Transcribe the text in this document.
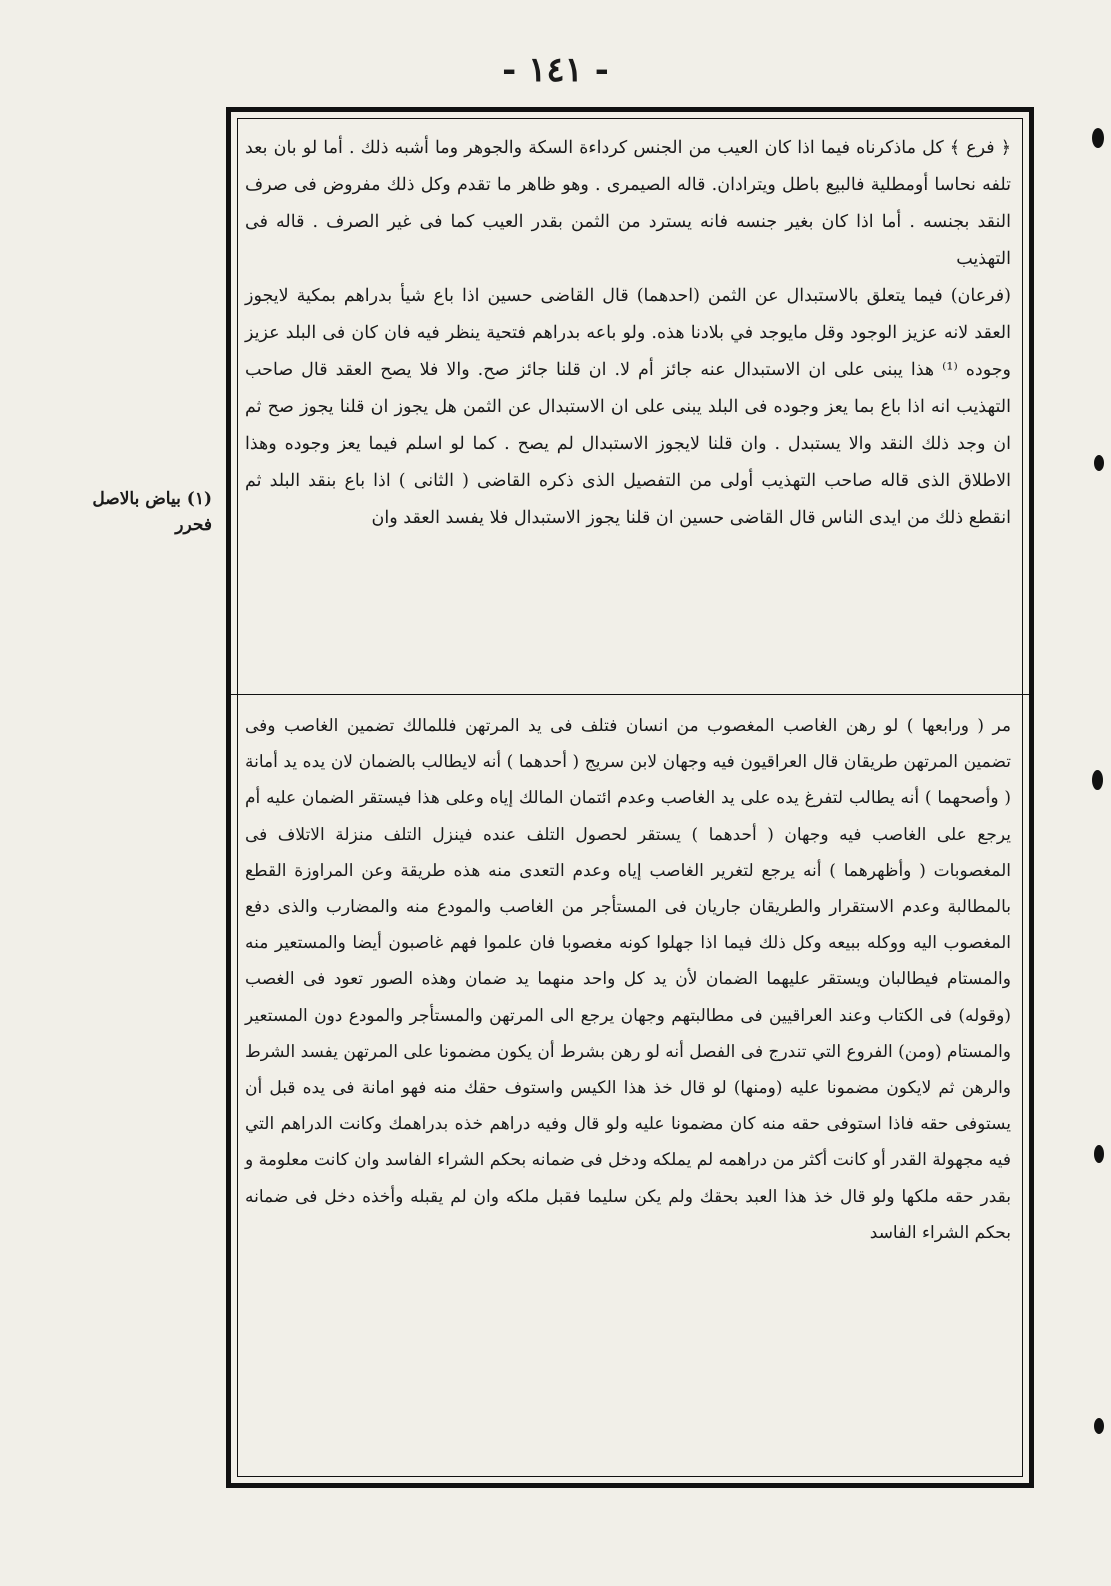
- ١٤١ -
(١) بياض بالاصل فحرر

﴿ فرع ﴾ كل ماذكرناه فيما اذا كان العيب من الجنس كرداءة السكة والجوهر وما أشبه ذلك . أما لو بان بعد تلفه نحاسا أومطلية فالبيع باطل ويترادان. قاله الصيمرى . وهو ظاهر ما تقدم وكل ذلك مفروض فى صرف النقد بجنسه . أما اذا كان بغير جنسه فانه يسترد من الثمن بقدر العيب كما فى غير الصرف . قاله فى التهذيب

(فرعان) فيما يتعلق بالاستبدال عن الثمن (احدهما) قال القاضى حسين اذا باع شيأ بدراهم بمكية لايجوز العقد لانه عزيز الوجود وقل مايوجد في بلادنا هذه. ولو باعه بدراهم فتحية ينظر فيه فان كان فى البلد عزيز وجوده ⁽¹⁾ هذا يبنى على ان الاستبدال عنه جائز أم لا. ان قلنا جائز صح. والا فلا يصح العقد قال صاحب التهذيب انه اذا باع بما يعز وجوده فى البلد يبنى على ان الاستبدال عن الثمن هل يجوز ان قلنا يجوز صح ثم ان وجد ذلك النقد والا يستبدل . وان قلنا لايجوز الاستبدال لم يصح . كما لو اسلم فيما يعز وجوده وهذا الاطلاق الذى قاله صاحب التهذيب أولى من التفصيل الذى ذكره القاضى ( الثانى ) اذا باع بنقد البلد ثم انقطع ذلك من ايدى الناس قال القاضى حسين ان قلنا يجوز الاستبدال فلا يفسد العقد وان

مر ( ورابعها ) لو رهن الغاصب المغصوب من انسان فتلف فى يد المرتهن فللمالك تضمين الغاصب وفى تضمين المرتهن طريقان قال العراقيون فيه وجهان لابن سريج ( أحدهما ) أنه لايطالب بالضمان لان يده يد أمانة ( وأصحهما ) أنه يطالب لتفرغ يده على يد الغاصب وعدم ائتمان المالك إياه وعلى هذا فيستقر الضمان عليه أم يرجع على الغاصب فيه وجهان ( أحدهما ) يستقر لحصول التلف عنده فينزل التلف منزلة الاتلاف فى المغصوبات ( وأظهرهما ) أنه يرجع لتغرير الغاصب إياه وعدم التعدى منه هذه طريقة وعن المراوزة القطع بالمطالبة وعدم الاستقرار والطريقان جاريان فى المستأجر من الغاصب والمودع منه والمضارب والذى دفع المغصوب اليه ووكله ببيعه وكل ذلك فيما اذا جهلوا كونه مغصوبا فان علموا فهم غاصبون أيضا والمستعير منه والمستام فيطالبان ويستقر عليهما الضمان لأن يد كل واحد منهما يد ضمان وهذه الصور تعود فى الغصب (وقوله) فى الكتاب وعند العراقيين فى مطالبتهم وجهان يرجع الى المرتهن والمستأجر والمودع دون المستعير والمستام (ومن) الفروع التي تندرج فى الفصل أنه لو رهن بشرط أن يكون مضمونا على المرتهن يفسد الشرط والرهن ثم لايكون مضمونا عليه (ومنها) لو قال خذ هذا الكيس واستوف حقك منه فهو امانة فى يده قبل أن يستوفى حقه فاذا استوفى حقه منه كان مضمونا عليه ولو قال وفيه دراهم خذه بدراهمك وكانت الدراهم التي فيه مجهولة القدر أو كانت أكثر من دراهمه لم يملكه ودخل فى ضمانه بحكم الشراء الفاسد وان كانت معلومة و بقدر حقه ملكها ولو قال خذ هذا العبد بحقك ولم يكن سليما فقبل ملكه وان لم يقبله وأخذه دخل فى ضمانه بحكم الشراء الفاسد
